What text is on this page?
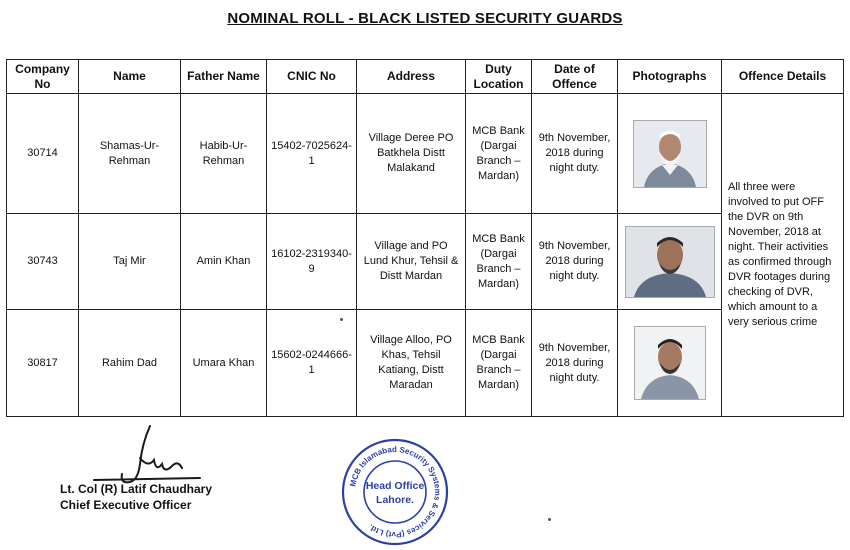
NOMINAL ROLL - BLACK LISTED SECURITY GUARDS
Company No	Name	Father Name	CNIC No	Address	Duty Location	Date of Offence	Photographs	Offence Details
30714	Shamas-Ur-Rehman	Habib-Ur-Rehman	15402-7025624-1	Village Deree PO Batkhela Distt Malakand	MCB Bank (Dargai Branch – Mardan)	9th November, 2018 during night duty.		All three were involved to put OFF the DVR on 9th November, 2018 at night. Their activities as confirmed through DVR footages during checking of DVR, which amount to a very serious crime
30743	Taj Mir	Amin Khan	16102-2319340-9	Village and PO Lund Khur, Tehsil & Distt Mardan	MCB Bank (Dargai Branch – Mardan)	9th November, 2018 during night duty.	

30817	Rahim Dad	Umara Khan	15602-0244666-1	Village Alloo, PO Khas, Tehsil Katiang, Distt Maradan	MCB Bank (Dargai Branch – Mardan)	9th November, 2018 during night duty.	
Lt. Col (R) Latif Chaudhary
Chief Executive Officer
MCB Islamabad Security Systems & Services (Pvt) Ltd.
Head Office
Lahore.
